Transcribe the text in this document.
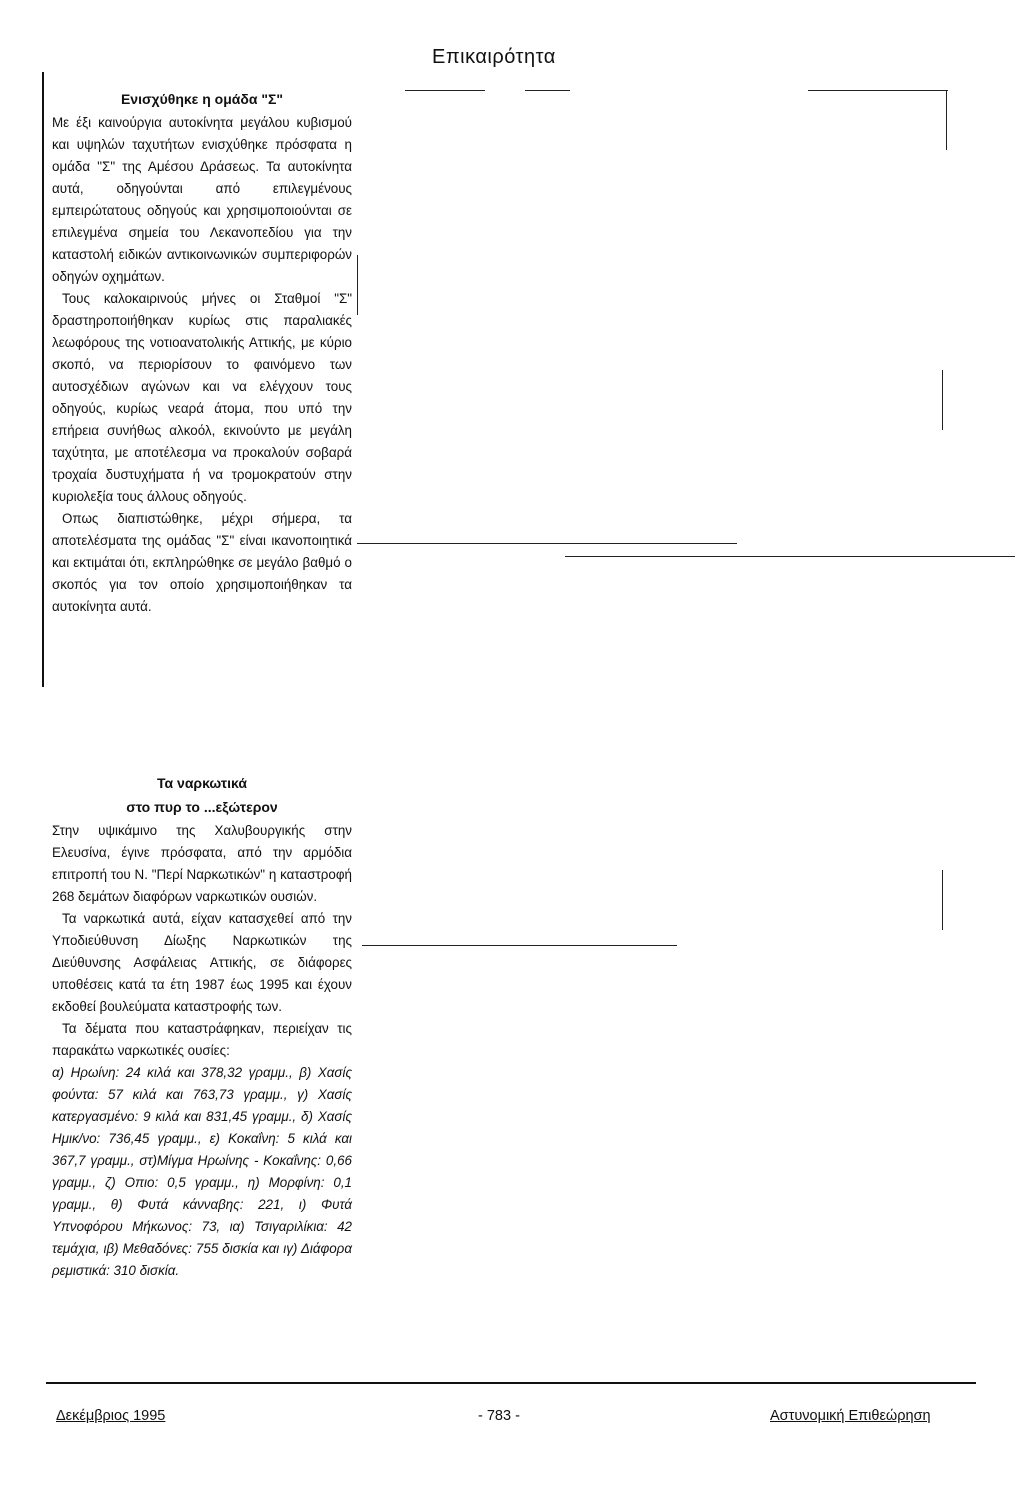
Επικαιρότητα
Ενισχύθηκε η ομάδα "Σ"

Με έξι καινούργια αυτοκίνητα μεγάλου κυβισμού και υψηλών ταχυτήτων ενισχύθηκε πρόσφατα η ομάδα "Σ" της Αμέσου Δράσεως. Τα αυτοκίνητα αυτά, οδηγούνται από επιλεγμένους εμπειρώτατους οδηγούς και χρησιμοποιούνται σε επιλεγμένα σημεία του Λεκανοπεδίου για την καταστολή ειδικών αντικοινωνικών συμπεριφορών οδηγών οχημάτων.

Τους καλοκαιρινούς μήνες οι Σταθμοί "Σ" δραστηροποιήθηκαν κυρίως στις παραλιακές λεωφόρους της νοτιοανατολικής Αττικής, με κύριο σκοπό, να περιορίσουν το φαινόμενο των αυτοσχέδιων αγώνων και να ελέγχουν τους οδηγούς, κυρίως νεαρά άτομα, που υπό την επήρεια συνήθως αλκοόλ, εκινούντο με μεγάλη ταχύτητα, με αποτέλεσμα να προκαλούν σοβαρά τροχαία δυστυχήματα ή να τρομοκρατούν στην κυριολεξία τους άλλους οδηγούς.

Οπως διαπιστώθηκε, μέχρι σήμερα, τα αποτελέσματα της ομάδας "Σ" είναι ικανοποιητικά και εκτιμάται ότι, εκπληρώθηκε σε μεγάλο βαθμό ο σκοπός για τον οποίο χρησιμοποιήθηκαν τα αυτοκίνητα αυτά.

Τα ναρκωτικά
στο πυρ το ...εξώτερον

Στην υψικάμινο της Χαλυβουργικής στην Ελευσίνα, έγινε πρόσφατα, από την αρμόδια επιτροπή του Ν. "Περί Ναρκωτικών" η καταστροφή 268 δεμάτων διαφόρων ναρκωτικών ουσιών.

Τα ναρκωτικά αυτά, είχαν κατασχεθεί από την Υποδιεύθυνση Δίωξης Ναρκωτικών της Διεύθυνσης Ασφάλειας Αττικής, σε διάφορες υποθέσεις κατά τα έτη 1987 έως 1995 και έχουν εκδοθεί βουλεύματα καταστροφής των.

Τα δέματα που καταστράφηκαν, περιείχαν τις παρακάτω ναρκωτικές ουσίες:

α) Ηρωίνη: 24 κιλά και 378,32 γραμμ., β) Χασίς φούντα: 57 κιλά και 763,73 γραμμ., γ) Χασίς κατεργασμένο: 9 κιλά και 831,45 γραμμ., δ) Χασίς Ημικ/νο: 736,45 γραμμ., ε) Κοκαΐνη: 5 κιλά και 367,7 γραμμ., στ)Μίγμα Ηρωίνης - Κοκαΐνης: 0,66 γραμμ., ζ) Οπιο: 0,5 γραμμ., η) Μορφίνη: 0,1 γραμμ., θ) Φυτά κάνναβης: 221, ι) Φυτά Υπνοφόρου Μήκωνος: 73, ια) Τσιγαριλίκια: 42 τεμάχια, ιβ) Μεθαδόνες: 755 δισκία και ιγ) Διάφορα ρεμιστικά: 310 δισκία.

Δεκέμβριος 1995	- 783 -	Αστυνομική Επιθεώρηση
